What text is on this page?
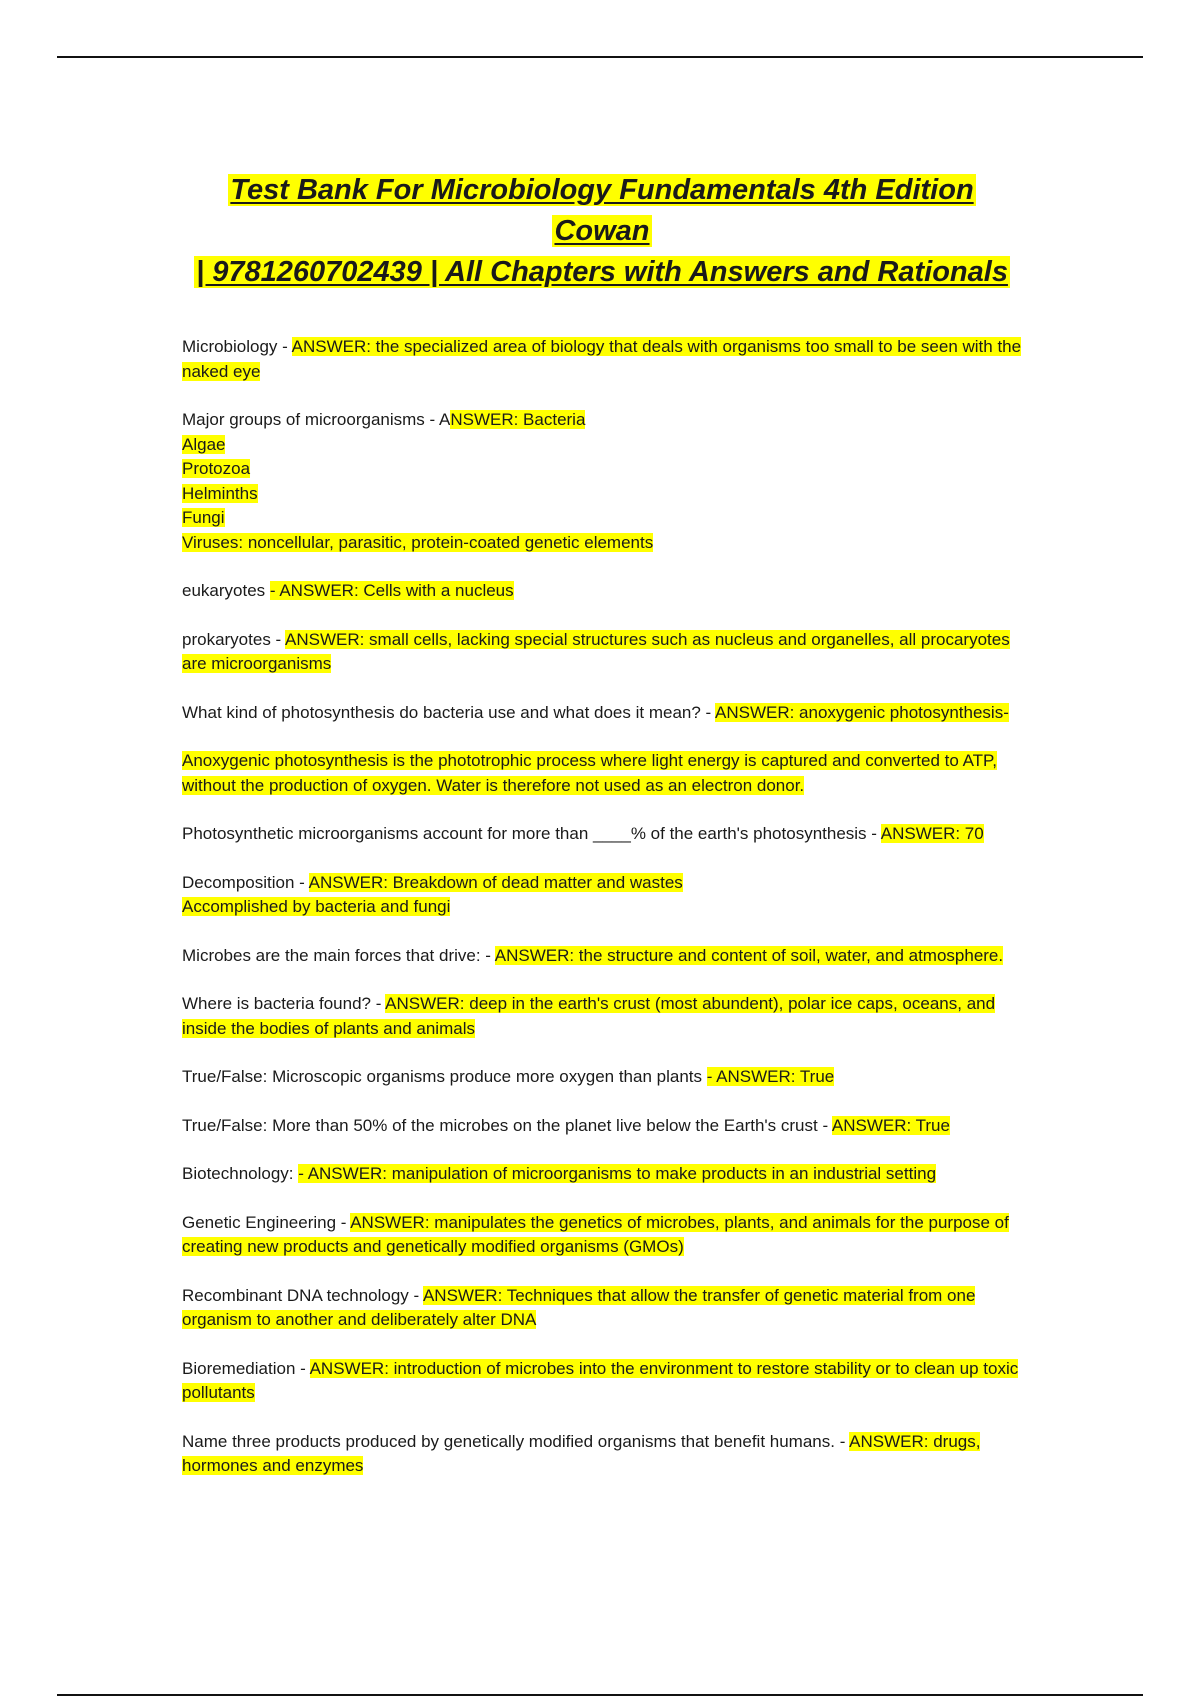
Test Bank For Microbiology Fundamentals 4th Edition Cowan
| 9781260702439 | All Chapters with Answers and Rationals

Microbiology - ANSWER: the specialized area of biology that deals with organisms too small to be seen with the naked eye

Major groups of microorganisms - ANSWER: Bacteria
Algae
Protozoa
Helminths
Fungi
Viruses: noncellular, parasitic, protein-coated genetic elements

eukaryotes - ANSWER: Cells with a nucleus

prokaryotes - ANSWER: small cells, lacking special structures such as nucleus and organelles, all procaryotes are microorganisms

What kind of photosynthesis do bacteria use and what does it mean? - ANSWER: anoxygenic photosynthesis-

Anoxygenic photosynthesis is the phototrophic process where light energy is captured and converted to ATP, without the production of oxygen. Water is therefore not used as an electron donor.

Photosynthetic microorganisms account for more than ____% of the earth's photosynthesis - ANSWER: 70

Decomposition - ANSWER: Breakdown of dead matter and wastes
Accomplished by bacteria and fungi

Microbes are the main forces that drive: - ANSWER: the structure and content of soil, water, and atmosphere.

Where is bacteria found? - ANSWER: deep in the earth's crust (most abundent), polar ice caps, oceans, and inside the bodies of plants and animals

True/False: Microscopic organisms produce more oxygen than plants - ANSWER: True

True/False: More than 50% of the microbes on the planet live below the Earth's crust - ANSWER: True

Biotechnology: - ANSWER: manipulation of microorganisms to make products in an industrial setting

Genetic Engineering - ANSWER: manipulates the genetics of microbes, plants, and animals for the purpose of creating new products and genetically modified organisms (GMOs)

Recombinant DNA technology - ANSWER: Techniques that allow the transfer of genetic material from one organism to another and deliberately alter DNA

Bioremediation - ANSWER: introduction of microbes into the environment to restore stability or to clean up toxic pollutants

Name three products produced by genetically modified organisms that benefit humans. - ANSWER: drugs, hormones and enzymes
